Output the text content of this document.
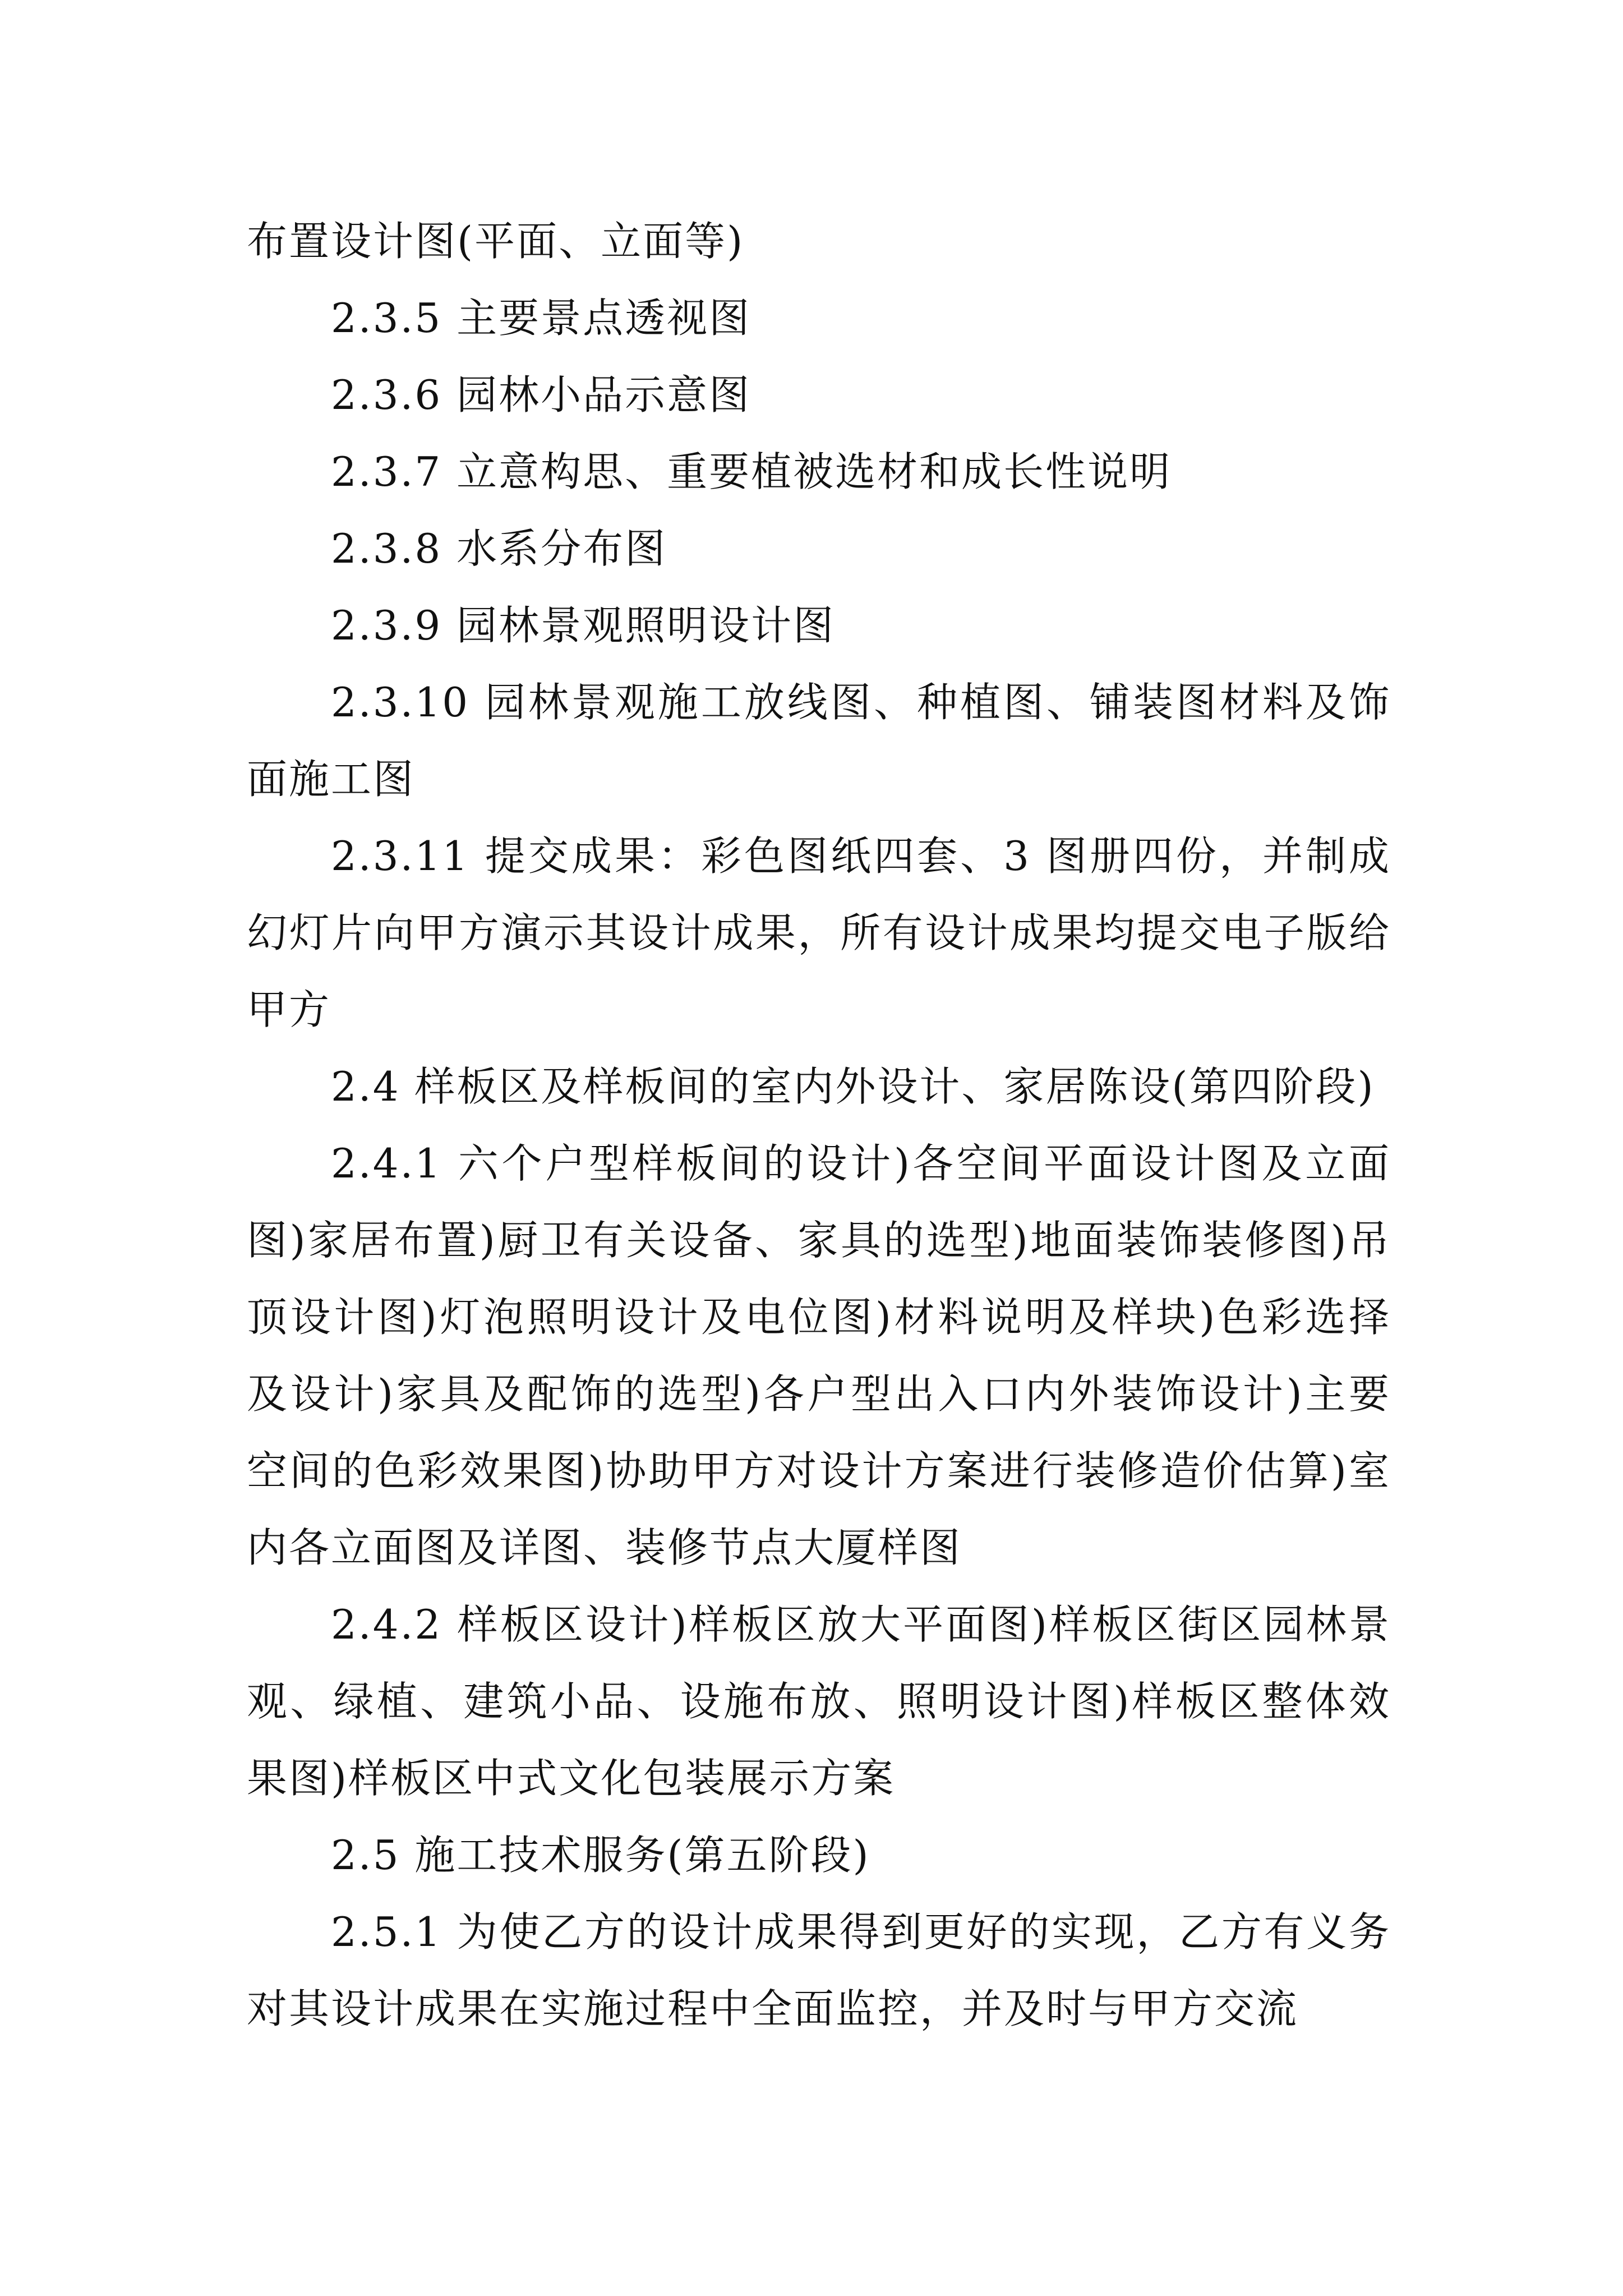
布置设计图(平面、立面等)

2.3.5 主要景点透视图

2.3.6 园林小品示意图

2.3.7 立意构思、重要植被选材和成长性说明

2.3.8 水系分布图

2.3.9 园林景观照明设计图

2.3.10 园林景观施工放线图、种植图、铺装图材料及饰面施工图

2.3.11 提交成果：彩色图纸四套、3 图册四份，并制成幻灯片向甲方演示其设计成果，所有设计成果均提交电子版给甲方

2.4 样板区及样板间的室内外设计、家居陈设(第四阶段)

2.4.1 六个户型样板间的设计)各空间平面设计图及立面图)家居布置)厨卫有关设备、家具的选型)地面装饰装修图)吊顶设计图)灯泡照明设计及电位图)材料说明及样块)色彩选择及设计)家具及配饰的选型)各户型出入口内外装饰设计)主要空间的色彩效果图)协助甲方对设计方案进行装修造价估算)室内各立面图及详图、装修节点大厦样图

2.4.2 样板区设计)样板区放大平面图)样板区街区园林景观、绿植、建筑小品、设施布放、照明设计图)样板区整体效果图)样板区中式文化包装展示方案

2.5 施工技术服务(第五阶段)

2.5.1 为使乙方的设计成果得到更好的实现，乙方有义务对其设计成果在实施过程中全面监控，并及时与甲方交流
